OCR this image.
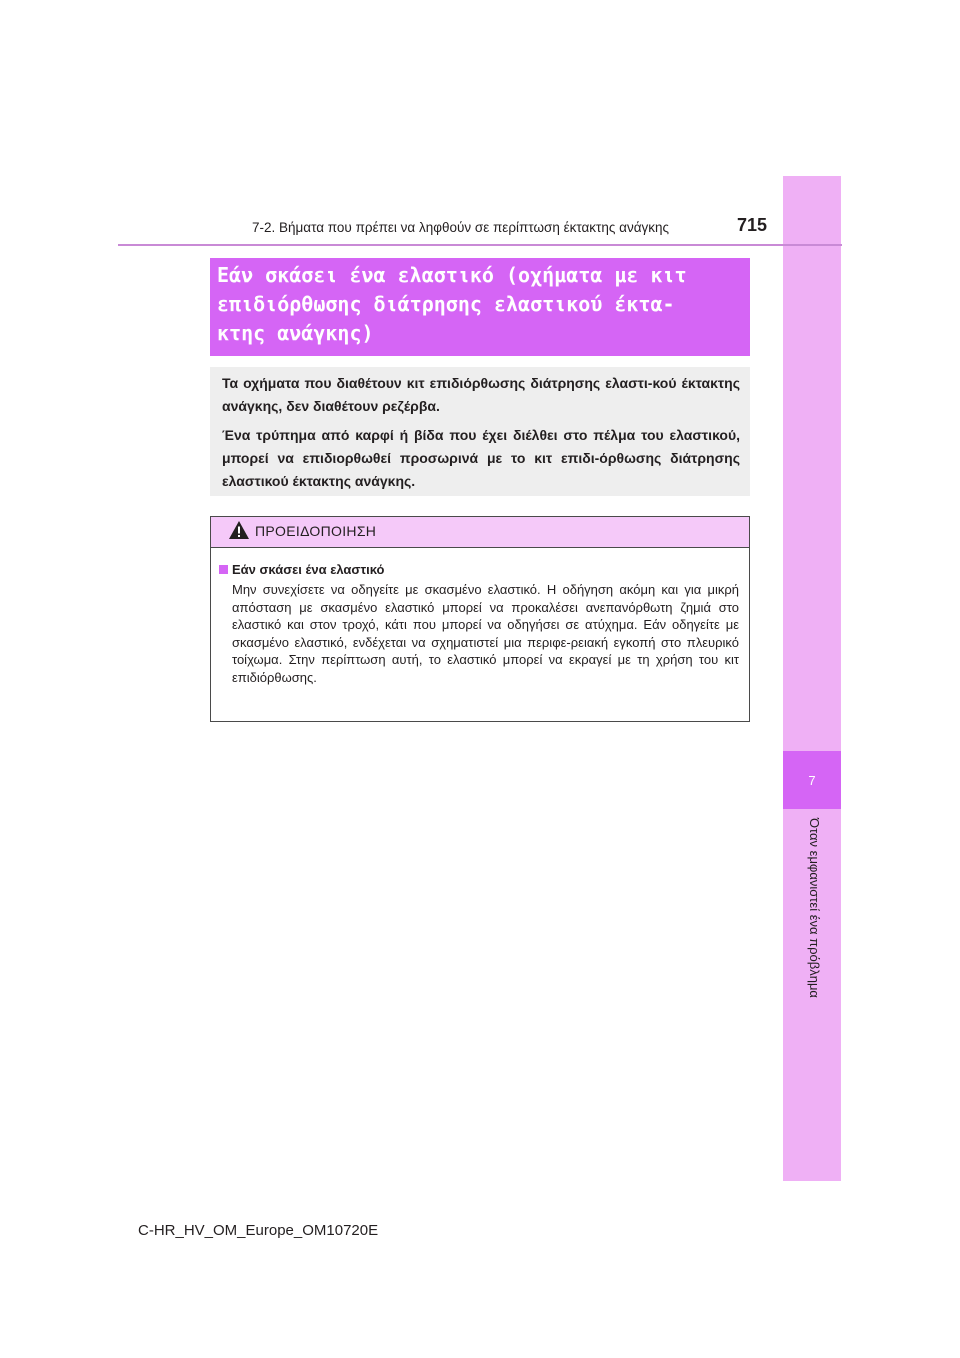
7
Όταν εμφανιστεί ένα πρόβλημα
7-2. Βήματα που πρέπει να ληφθούν σε περίπτωση έκτακτης ανάγκης	715
Εάν σκάσει ένα ελαστικό (οχήματα με κιτ
επιδιόρθωσης διάτρησης ελαστικού έκτα-
κτης ανάγκης)

Τα οχήματα που διαθέτουν κιτ επιδιόρθωσης διάτρησης ελαστι-κού έκτακτης ανάγκης, δεν διαθέτουν ρεζέρβα.

Ένα τρύπημα από καρφί ή βίδα που έχει διέλθει στο πέλμα του ελαστικού, μπορεί να επιδιορθωθεί προσωρινά με το κιτ επιδι-όρθωσης διάτρησης ελαστικού έκτακτης ανάγκης.

ΠΡΟΕΙΔΟΠΟΙΗΣΗ
Εάν σκάσει ένα ελαστικό

Μην συνεχίσετε να οδηγείτε με σκασμένο ελαστικό. Η οδήγηση ακόμη και για μικρή απόσταση με σκασμένο ελαστικό μπορεί να προκαλέσει ανεπανόρθωτη ζημιά στο ελαστικό και στον τροχό, κάτι που μπορεί να οδηγήσει σε ατύχημα. Εάν οδηγείτε με σκασμένο ελαστικό, ενδέχεται να σχηματιστεί μια περιφε-ρειακή εγκοπή στο πλευρικό τοίχωμα. Στην περίπτωση αυτή, το ελαστικό μπορεί να εκραγεί με τη χρήση του κιτ επιδιόρθωσης.

C-HR_HV_OM_Europe_OM10720E
